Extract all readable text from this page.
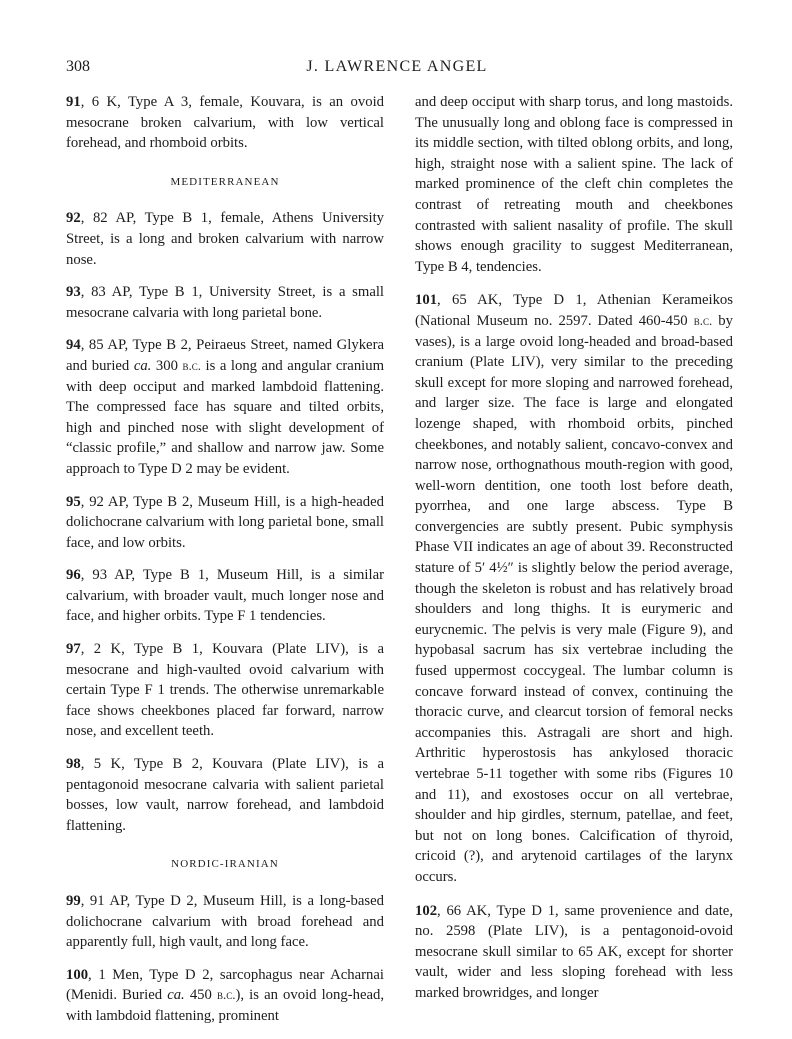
308	J. LAWRENCE ANGEL

91, 6 K, Type A 3, female, Kouvara, is an ovoid mesocrane broken calvarium, with low vertical forehead, and rhomboid orbits.

MEDITERRANEAN

92, 82 AP, Type B 1, female, Athens University Street, is a long and broken calvarium with narrow nose.

93, 83 AP, Type B 1, University Street, is a small mesocrane calvaria with long parietal bone.

94, 85 AP, Type B 2, Peiraeus Street, named Glykera and buried ca. 300 b.c. is a long and angular cranium with deep occiput and marked lambdoid flattening. The compressed face has square and tilted orbits, high and pinched nose with slight development of “classic profile,” and shallow and narrow jaw. Some approach to Type D 2 may be evident.

95, 92 AP, Type B 2, Museum Hill, is a high-headed dolichocrane calvarium with long parietal bone, small face, and low orbits.

96, 93 AP, Type B 1, Museum Hill, is a similar calvarium, with broader vault, much longer nose and face, and higher orbits. Type F 1 tendencies.

97, 2 K, Type B 1, Kouvara (Plate LIV), is a mesocrane and high-vaulted ovoid calvarium with certain Type F 1 trends. The otherwise unremarkable face shows cheekbones placed far forward, narrow nose, and excellent teeth.

98, 5 K, Type B 2, Kouvara (Plate LIV), is a pentagonoid mesocrane calvaria with salient parietal bosses, low vault, narrow forehead, and lambdoid flattening.

NORDIC-IRANIAN

99, 91 AP, Type D 2, Museum Hill, is a long-based dolichocrane calvarium with broad forehead and apparently full, high vault, and long face.

100, 1 Men, Type D 2, sarcophagus near Acharnai (Menidi. Buried ca. 450 b.c.), is an ovoid long-head, with lambdoid flattening, prominent

and deep occiput with sharp torus, and long mastoids. The unusually long and oblong face is compressed in its middle section, with tilted oblong orbits, and long, high, straight nose with a salient spine. The lack of marked prominence of the cleft chin completes the contrast of retreating mouth and cheekbones contrasted with salient nasality of profile. The skull shows enough gracility to suggest Mediterranean, Type B 4, tendencies.

101, 65 AK, Type D 1, Athenian Kerameikos (National Museum no. 2597. Dated 460-450 b.c. by vases), is a large ovoid long-headed and broad-based cranium (Plate LIV), very similar to the preceding skull except for more sloping and narrowed forehead, and larger size. The face is large and elongated lozenge shaped, with rhomboid orbits, pinched cheekbones, and notably salient, concavo-convex and narrow nose, orthognathous mouth-region with good, well-worn dentition, one tooth lost before death, pyorrhea, and one large abscess. Type B convergencies are subtly present. Pubic symphysis Phase VII indicates an age of about 39. Reconstructed stature of 5′ 4½″ is slightly below the period average, though the skeleton is robust and has relatively broad shoulders and long thighs. It is eurymeric and eurycnemic. The pelvis is very male (Figure 9), and hypobasal sacrum has six vertebrae including the fused uppermost coccygeal. The lumbar column is concave forward instead of convex, continuing the thoracic curve, and clearcut torsion of femoral necks accompanies this. Astragali are short and high. Arthritic hyperostosis has ankylosed thoracic vertebrae 5-11 together with some ribs (Figures 10 and 11), and exostoses occur on all vertebrae, shoulder and hip girdles, sternum, patellae, and feet, but not on long bones. Calcification of thyroid, cricoid (?), and arytenoid cartilages of the larynx occurs.

102, 66 AK, Type D 1, same provenience and date, no. 2598 (Plate LIV), is a pentagonoid-ovoid mesocrane skull similar to 65 AK, except for shorter vault, wider and less sloping forehead with less marked browridges, and longer
